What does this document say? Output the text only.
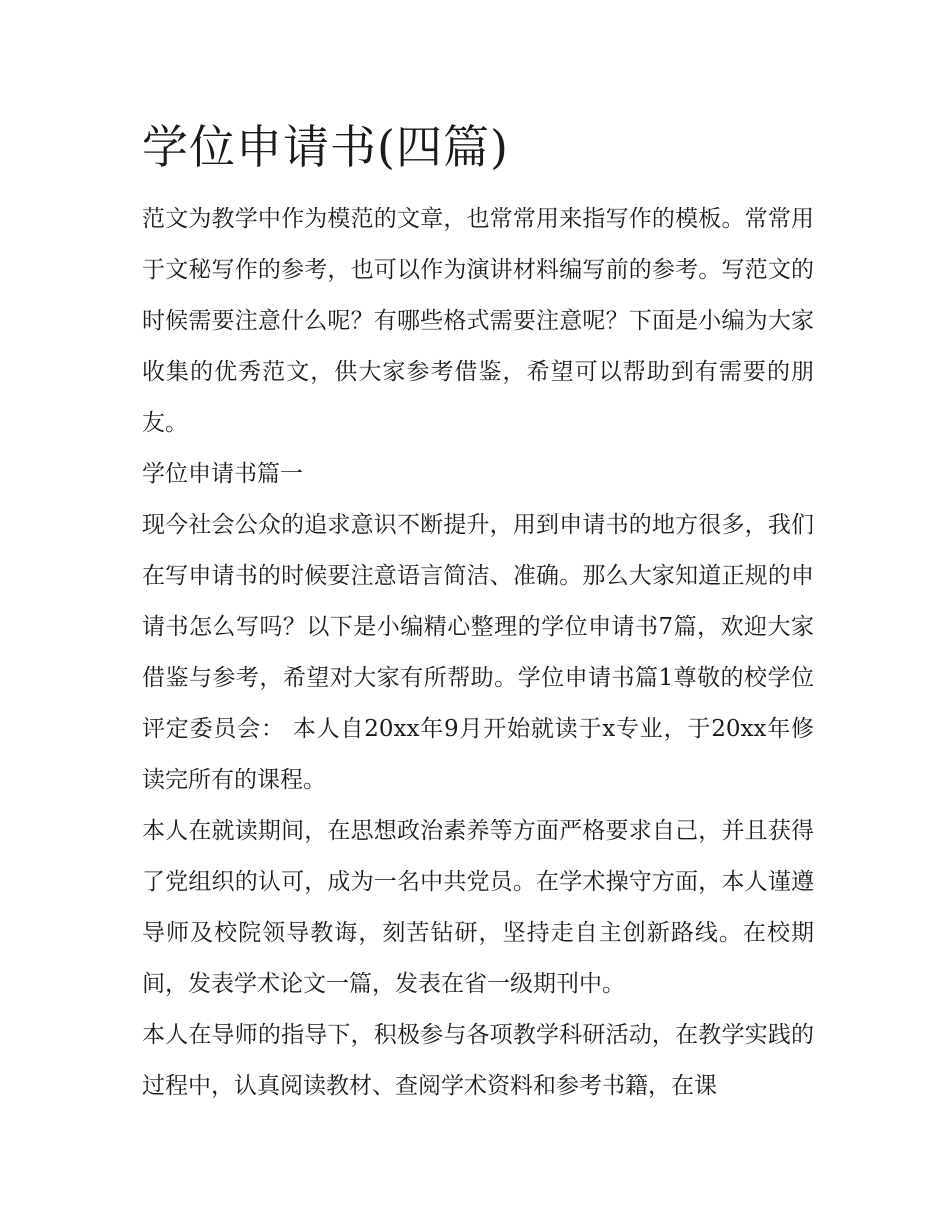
学位申请书(四篇)

范文为教学中作为模范的文章，也常常用来指写作的模板。常常用于文秘写作的参考，也可以作为演讲材料编写前的参考。写范文的时候需要注意什么呢？有哪些格式需要注意呢？下面是小编为大家收集的优秀范文，供大家参考借鉴，希望可以帮助到有需要的朋友。

学位申请书篇一

现今社会公众的追求意识不断提升，用到申请书的地方很多，我们在写申请书的时候要注意语言简洁、准确。那么大家知道正规的申请书怎么写吗？以下是小编精心整理的学位申请书7篇，欢迎大家借鉴与参考，希望对大家有所帮助。学位申请书篇1尊敬的校学位评定委员会： 本人自20xx年9月开始就读于x专业，于20xx年修读完所有的课程。

本人在就读期间，在思想政治素养等方面严格要求自己，并且获得了党组织的认可，成为一名中共党员。在学术操守方面，本人谨遵导师及校院领导教诲，刻苦钻研，坚持走自主创新路线。在校期间，发表学术论文一篇，发表在省一级期刊中。

本人在导师的指导下，积极参与各项教学科研活动，在教学实践的过程中，认真阅读教材、查阅学术资料和参考书籍，在课
